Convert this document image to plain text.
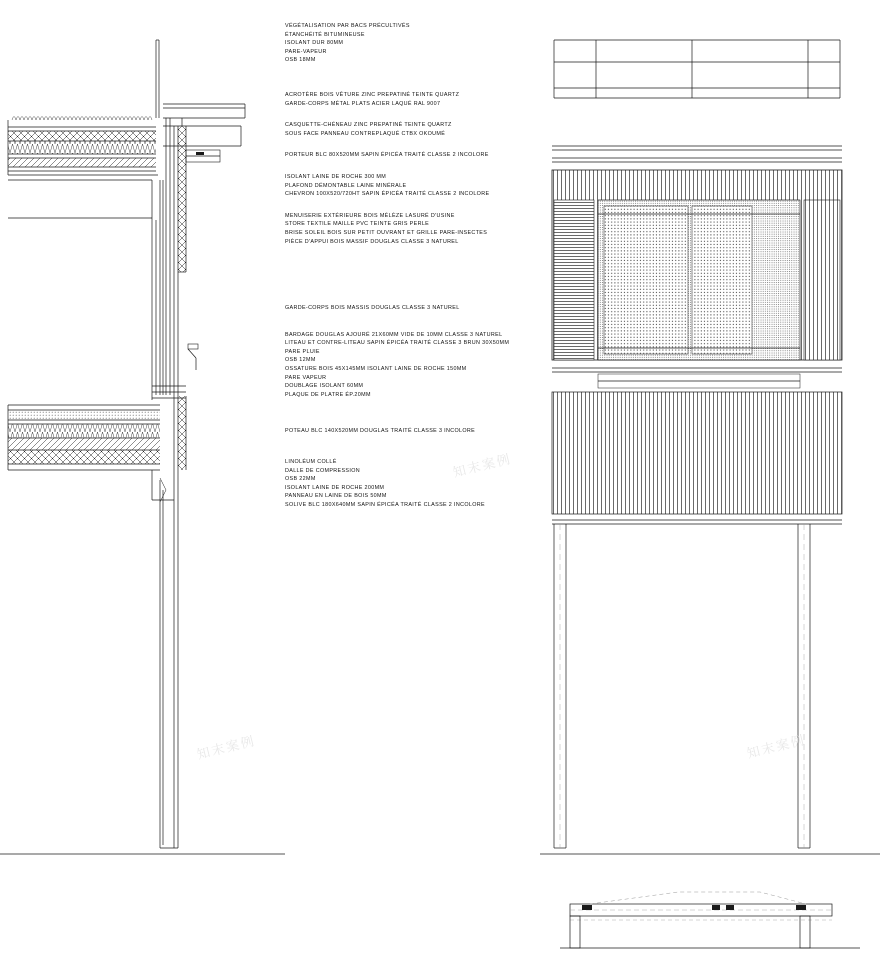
VÉGÉTALISATION PAR BACS PRÉCULTIVÉS
ÉTANCHÉITÉ BITUMINEUSE
ISOLANT DUR 80MM
PARE-VAPEUR
OSB 18MM
ACROTÈRE BOIS VÊTURE ZINC PREPATINÉ TEINTE QUARTZ
GARDE-CORPS MÉTAL PLATS ACIER LAQUÉ RAL 9007
CASQUETTE-CHÉNEAU ZINC PREPATINÉ TEINTE QUARTZ
SOUS FACE PANNEAU CONTREPLAQUÉ CTBX OKOUMÉ
PORTEUR BLC 80X520MM SAPIN ÉPICÉA TRAITÉ CLASSE 2 INCOLORE
ISOLANT LAINE DE ROCHE 300 MM
PLAFOND DÉMONTABLE LAINE MINÉRALE
CHEVRON 100X520/720HT SAPIN ÉPICÉA TRAITÉ CLASSE 2 INCOLORE
MENUISERIE EXTÉRIEURE BOIS MÉLÈZE LASURÉ D'USINE
STORE TEXTILE MAILLE PVC TEINTE GRIS PERLE
BRISE SOLEIL BOIS SUR PETIT OUVRANT ET GRILLE PARE-INSECTES
PIÈCE D'APPUI BOIS MASSIF DOUGLAS CLASSE 3 NATUREL
GARDE-CORPS BOIS MASSIS DOUGLAS CLASSE 3 NATUREL
BARDAGE DOUGLAS AJOURÉ 21X60MM VIDE DE 10MM CLASSE 3 NATUREL
LITEAU ET CONTRE-LITEAU SAPIN ÉPICÉA TRAITÉ CLASSE 3 BRUN 30X50MM
PARE PLUIE
OSB 12MM
OSSATURE BOIS 45X145MM ISOLANT LAINE DE ROCHE 150MM
PARE VAPEUR
DOUBLAGE ISOLANT 60MM
PLAQUE DE PLATRE ÉP.20MM
POTEAU BLC 140X520MM DOUGLAS TRAITÉ CLASSE 3 INCOLORE
LINOLÉUM COLLÉ
DALLE DE COMPRESSION
OSB 22MM
ISOLANT LAINE DE ROCHE 200MM
PANNEAU EN LAINE DE BOIS 50MM
SOLIVE BLC 180X640MM SAPIN ÉPICÉA TRAITÉ CLASSE 2 INCOLORE
知末案例
知末案例
知末案例
